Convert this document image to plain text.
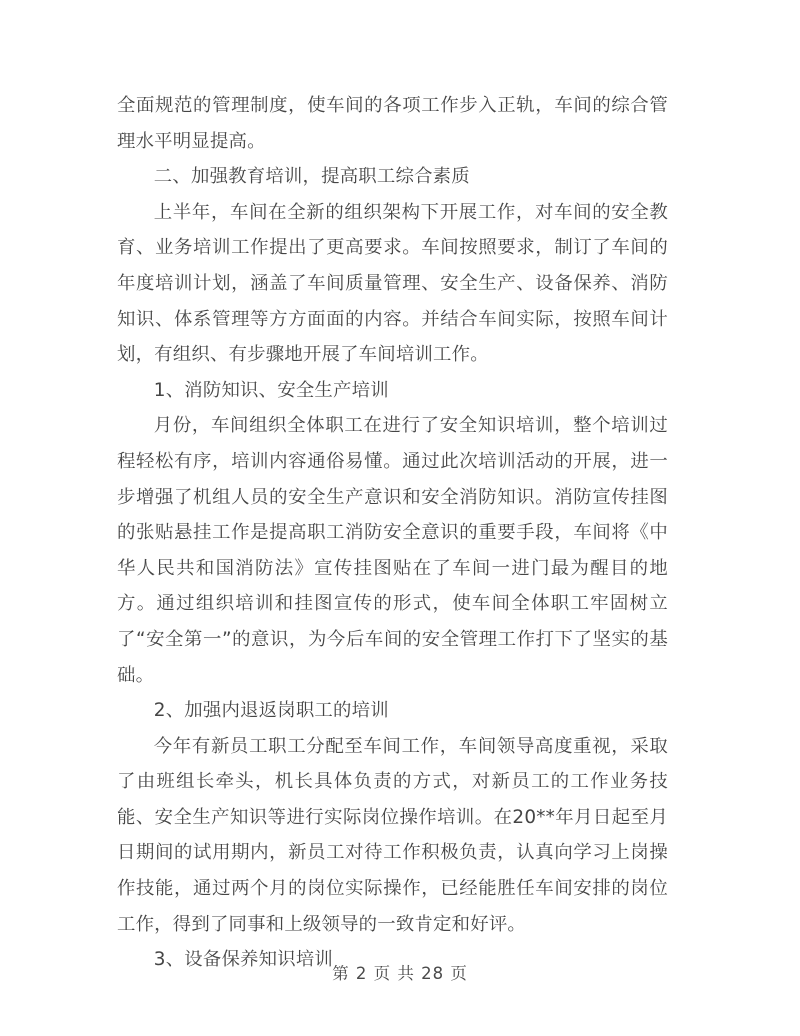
全面规范的管理制度，使车间的各项工作步入正轨，车间的综合管理水平明显提高。

二、加强教育培训，提高职工综合素质

上半年，车间在全新的组织架构下开展工作，对车间的安全教育、业务培训工作提出了更高要求。车间按照要求，制订了车间的年度培训计划，涵盖了车间质量管理、安全生产、设备保养、消防知识、体系管理等方方面面的内容。并结合车间实际，按照车间计划，有组织、有步骤地开展了车间培训工作。

1、消防知识、安全生产培训

月份，车间组织全体职工在进行了安全知识培训，整个培训过程轻松有序，培训内容通俗易懂。通过此次培训活动的开展，进一步增强了机组人员的安全生产意识和安全消防知识。消防宣传挂图的张贴悬挂工作是提高职工消防安全意识的重要手段，车间将《中华人民共和国消防法》宣传挂图贴在了车间一进门最为醒目的地方。通过组织培训和挂图宣传的形式，使车间全体职工牢固树立了“安全第一”的意识，为今后车间的安全管理工作打下了坚实的基础。

2、加强内退返岗职工的培训

今年有新员工职工分配至车间工作，车间领导高度重视，采取了由班组长牵头，机长具体负责的方式，对新员工的工作业务技能、安全生产知识等进行实际岗位操作培训。在20**年月日起至月日期间的试用期内，新员工对待工作积极负责，认真向学习上岗操作技能，通过两个月的岗位实际操作，已经能胜任车间安排的岗位工作，得到了同事和上级领导的一致肯定和好评。

3、设备保养知识培训

第 2 页 共 28 页
